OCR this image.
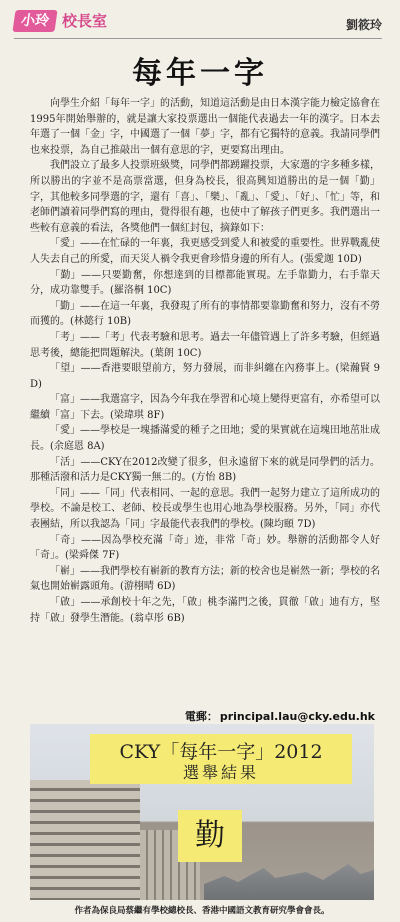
小玲 校長室	劉筱玲
每年一字

向學生介紹「每年一字」的活動，知道這活動是由日本漢字能力檢定協會在1995年開始舉辦的，就是讓大家投票選出一個能代表過去一年的漢字。日本去年選了一個「金」字，中國選了一個「夢」字，都有它獨特的意義。我請同學們也來投票，為自己推敲出一個有意思的字，更要寫出理由。

我們設立了最多人投票班級獎，同學們都踴躍投票，大家選的字多種多樣，所以勝出的字並不是高票當選，但身為校長，很高興知道勝出的是一個「勤」字，其他較多同學選的字，還有「喜」、「樂」、「亂」、「愛」、「好」、「忙」等，和老師們讀着同學們寫的理由，覺得很有趣，也使中了解孩子們更多。我們選出一些較有意義的看法，各獎他們一個紅封包，摘錄如下：

「愛」——在忙碌的一年裏，我更感受到愛人和被愛的重要性。世界戰亂使人失去自己的所愛，而天災人禍令我更會珍惜身邊的所有人。(張愛迦 10D)

「勤」——只要勤奮，你想達到的目標都能實現。左手靠勤力，右手靠天分，成功靠雙手。(羅洛桐 10C)

「勤」——在這一年裏，我發現了所有的事情都要靠勤奮和努力，沒有不勞而獲的。(林懿行 10B)

「考」——「考」代表考驗和思考。過去一年儘管遇上了許多考驗，但經過思考後，總能把問題解決。(葉朗 10C)

「望」——香港要眼望前方，努力發展，而非糾纏在內務事上。(梁瀚賢 9D)

「富」——我選富字，因為今年我在學習和心境上變得更富有，亦希望可以繼續「富」下去。(梁瑋琪 8F)

「愛」——學校是一塊播滿愛的種子之田地；愛的果實就在這塊田地茁壯成長。(余庭恩 8A)

「活」——CKY在2012改變了很多，但永遠留下來的就是同學們的活力。那種活潑和活力是CKY獨一無二的。(方怡 8B)

「同」——「同」代表相同、一起的意思。我們一起努力建立了這所成功的學校。不論是校工、老師、校長或學生也用心地為學校服務。另外，「同」亦代表團結，所以我認為「同」字最能代表我們的學校。(陳均頤 7D)

「奇」——因為學校充滿「奇」迹，非常「奇」妙。舉辦的活動都令人好「奇」。(梁舜傑 7F)

「嶄」——我們學校有嶄新的教育方法；新的校舍也是嶄然一新；學校的名氣也開始嶄露頭角。(游栩晴 6D)

「啟」——承創校十年之先，「啟」桃李滿門之後，貫徹「啟」迪有方，堅持「啟」發學生潛能。(翁卓彤 6B)

電郵： principal.lau@cky.edu.hk
CKY「每年一字」2012
選舉結果
勤
作者為保良局蔡繼有學校總校長、香港中國語文教育研究學會會長。
